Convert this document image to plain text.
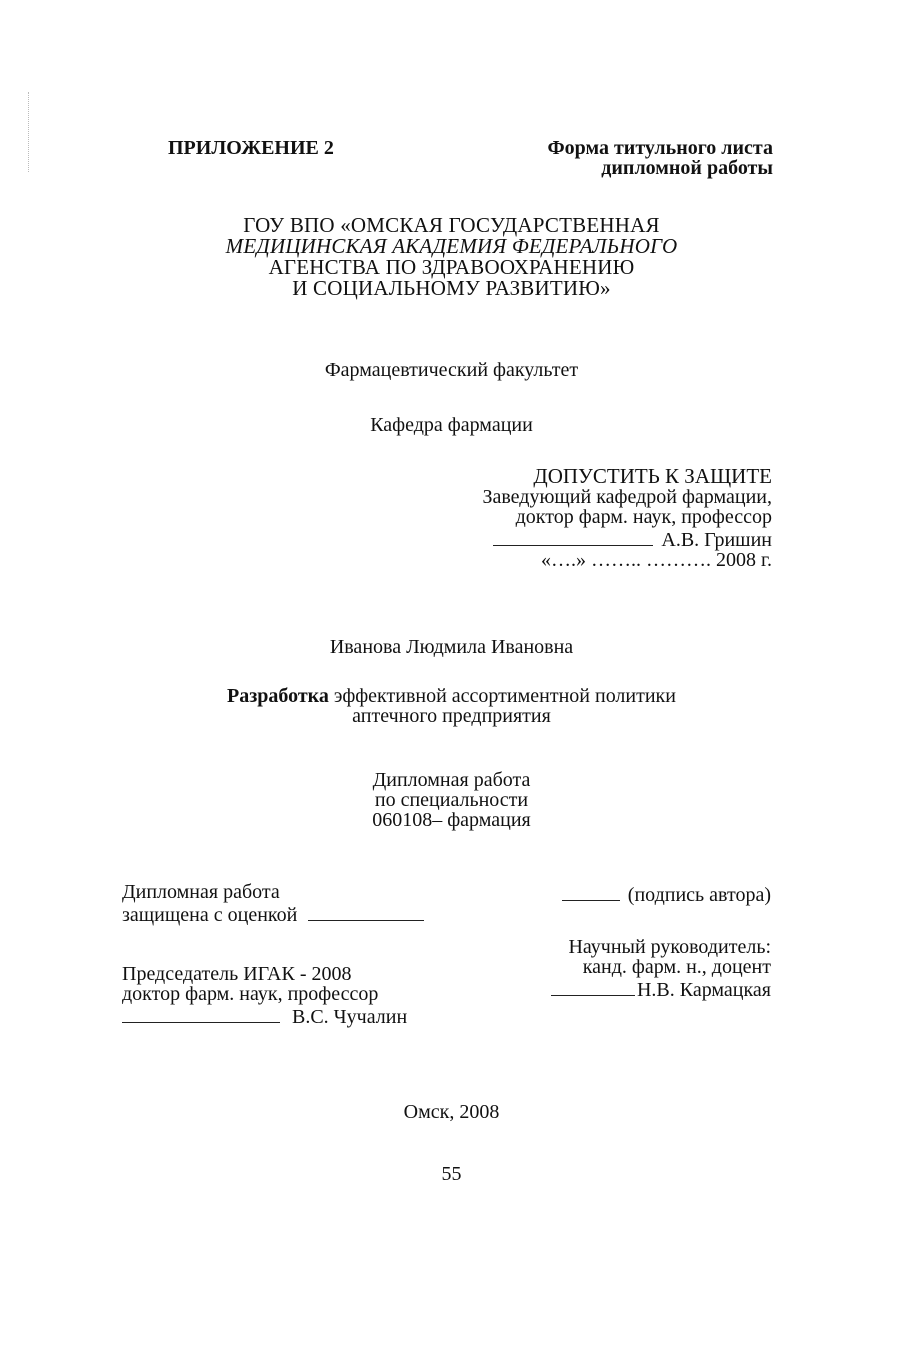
ПРИЛОЖЕНИЕ 2	Форма титульного листа
дипломной работы
ГОУ ВПО «ОМСКАЯ ГОСУДАРСТВЕННАЯ
МЕДИЦИНСКАЯ АКАДЕМИЯ ФЕДЕРАЛЬНОГО
АГЕНСТВА ПО ЗДРАВООХРАНЕНИЮ
И СОЦИАЛЬНОМУ РАЗВИТИЮ»
Фармацевтический факультет
Кафедра фармации
ДОПУСТИТЬ К ЗАЩИТЕ
Заведующий кафедрой фармации,
доктор фарм. наук, профессор
А.В. Гришин
«….» …….. ………. 2008 г.
Иванова Людмила Ивановна
Разработка эффективной ассортиментной политики
аптечного предприятия
Дипломная работа
по специальности
060108– фармация
Дипломная работа
защищена с оценкой
(подпись автора)
Научный руководитель:
канд. фарм. н., доцент
Н.В. Кармацкая
Председатель ИГАК - 2008
доктор фарм. наук, профессор
В.С. Чучалин
Омск, 2008
55
